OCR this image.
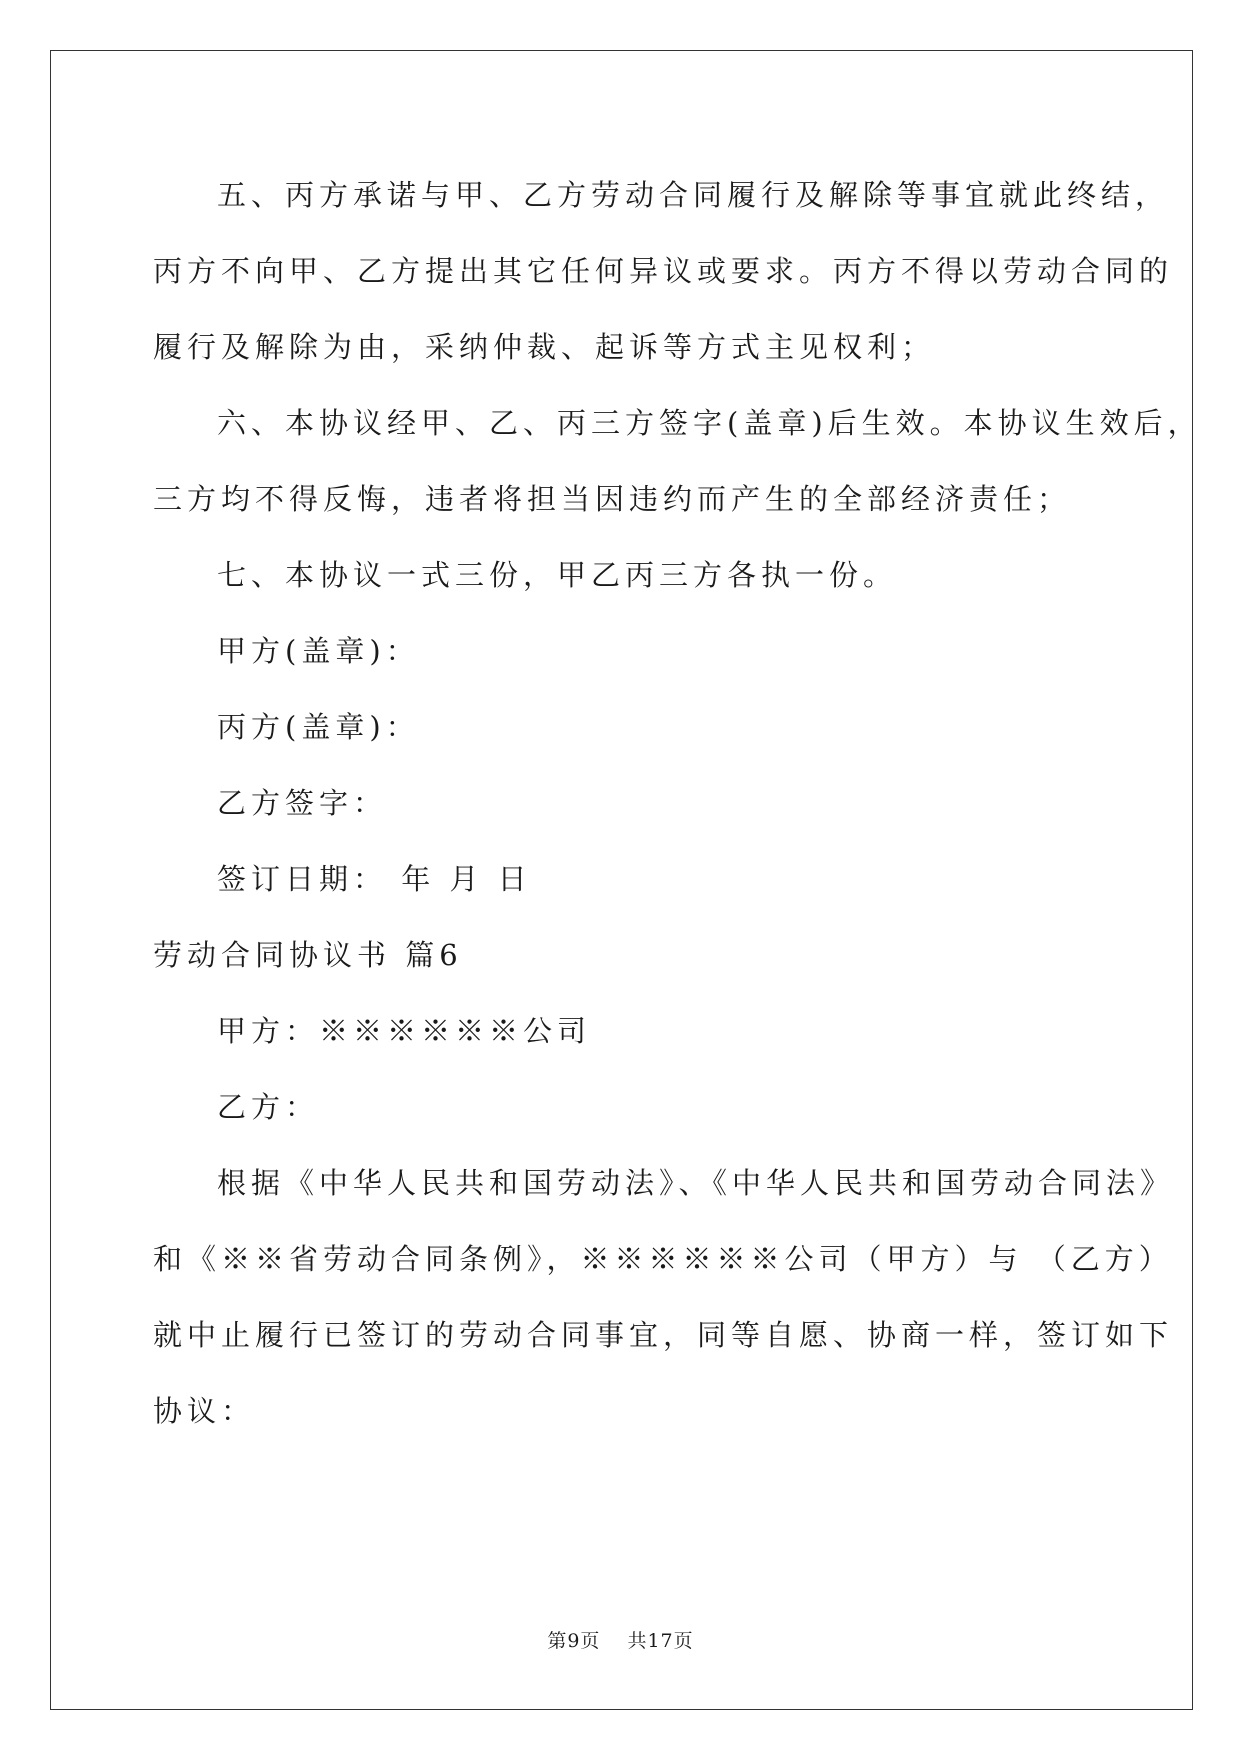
五、丙方承诺与甲、乙方劳动合同履行及解除等事宜就此终结，
丙方不向甲、乙方提出其它任何异议或要求。丙方不得以劳动合同的
履行及解除为由，采纳仲裁、起诉等方式主见权利；
六、本协议经甲、乙、丙三方签字(盖章)后生效。本协议生效后，
三方均不得反悔，违者将担当因违约而产生的全部经济责任；
七、本协议一式三份，甲乙丙三方各执一份。
甲方(盖章)：
丙方(盖章)：
乙方签字：
签订日期： 年 月 日
劳动合同协议书 篇6
甲方：※※※※※※公司
乙方：
根据《中华人民共和国劳动法》、《中华人民共和国劳动合同法》
和《※※省劳动合同条例》，※※※※※※公司（甲方）与 （乙方）
就中止履行已签订的劳动合同事宜，同等自愿、协商一样，签订如下
协议：
第9页 共17页
